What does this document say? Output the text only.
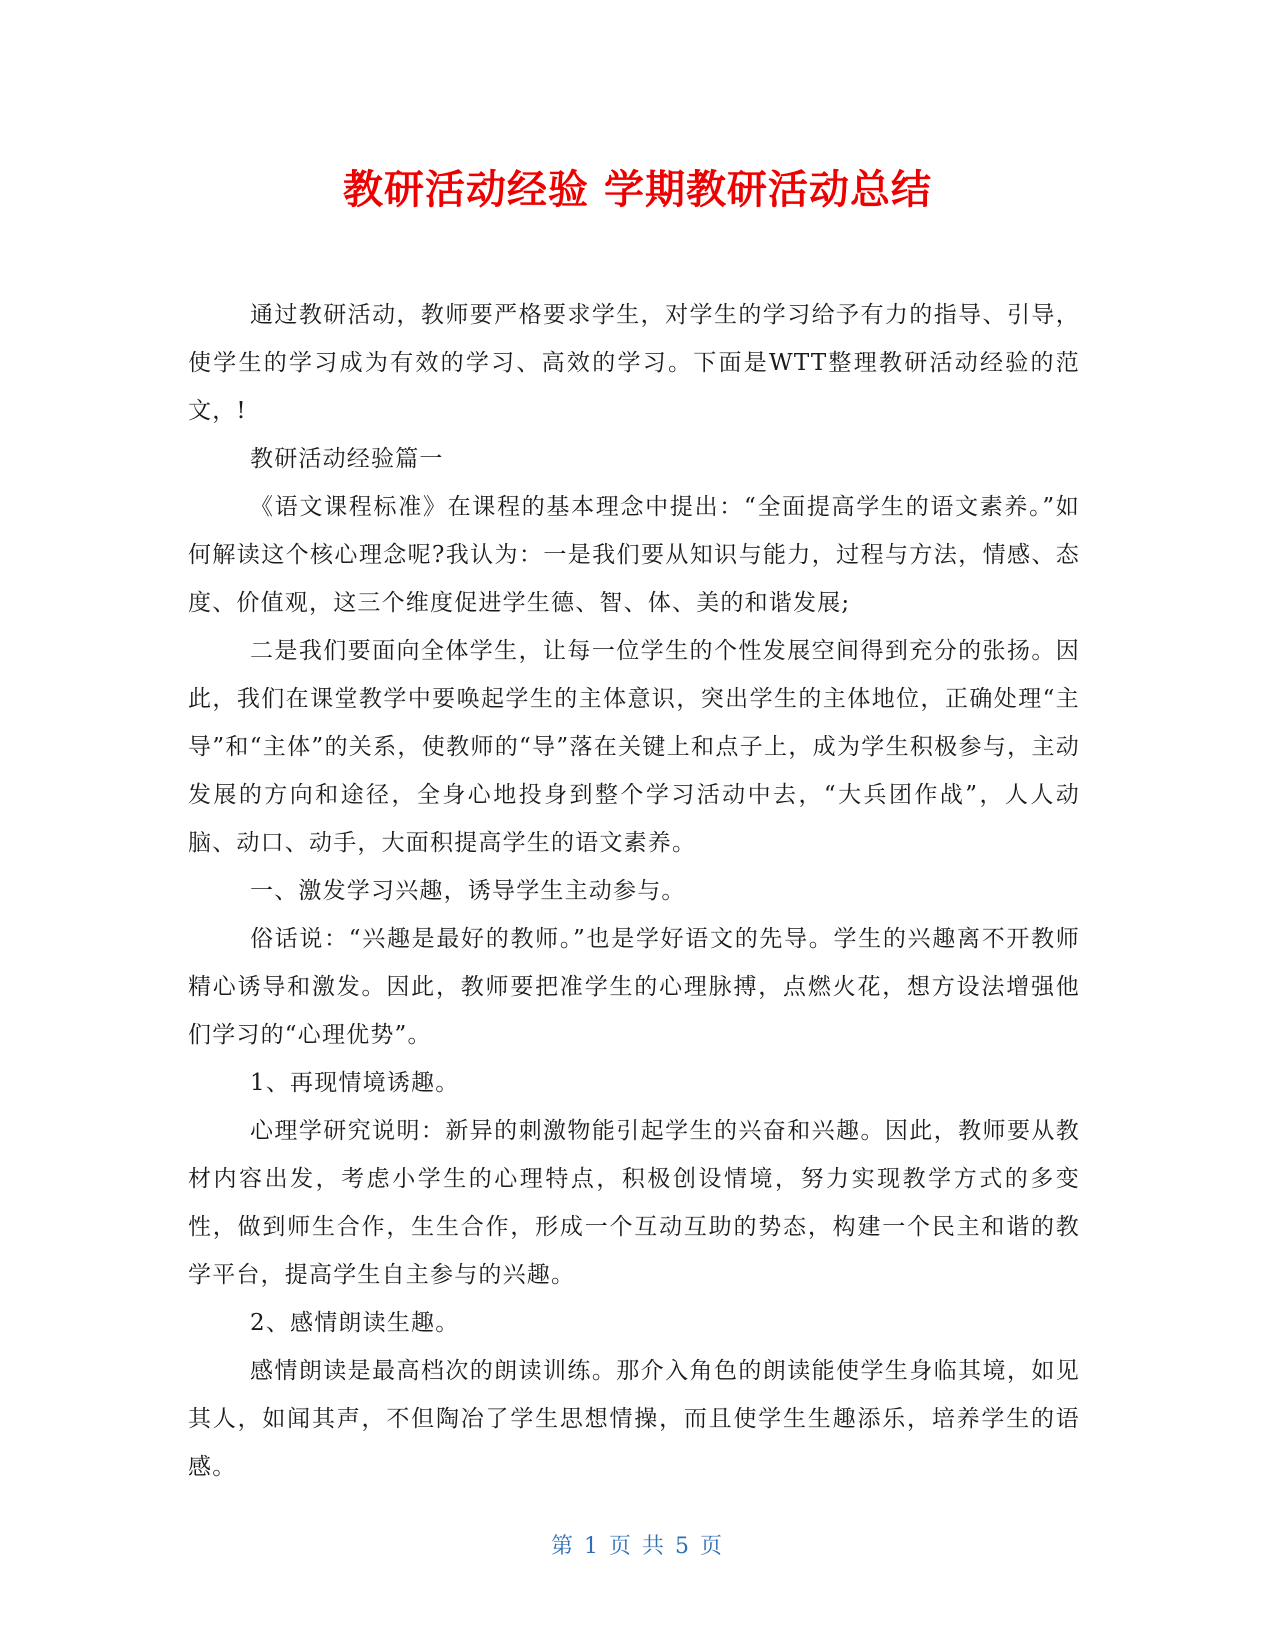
教研活动经验 学期教研活动总结

通过教研活动，教师要严格要求学生，对学生的学习给予有力的指导、引导，使学生的学习成为有效的学习、高效的学习。下面是WTT整理教研活动经验的范文，!

教研活动经验篇一

《语文课程标准》在课程的基本理念中提出：“全面提高学生的语文素养。”如何解读这个核心理念呢?我认为：一是我们要从知识与能力，过程与方法，情感、态度、价值观，这三个维度促进学生德、智、体、美的和谐发展;

二是我们要面向全体学生，让每一位学生的个性发展空间得到充分的张扬。因此，我们在课堂教学中要唤起学生的主体意识，突出学生的主体地位，正确处理“主导”和“主体”的关系，使教师的“导”落在关键上和点子上，成为学生积极参与，主动发展的方向和途径，全身心地投身到整个学习活动中去，“大兵团作战”，人人动脑、动口、动手，大面积提高学生的语文素养。

一、激发学习兴趣，诱导学生主动参与。

俗话说：“兴趣是最好的教师。”也是学好语文的先导。学生的兴趣离不开教师精心诱导和激发。因此，教师要把准学生的心理脉搏，点燃火花，想方设法增强他们学习的“心理优势”。

1、再现情境诱趣。

心理学研究说明：新异的刺激物能引起学生的兴奋和兴趣。因此，教师要从教材内容出发，考虑小学生的心理特点，积极创设情境，努力实现教学方式的多变性，做到师生合作，生生合作，形成一个互动互助的势态，构建一个民主和谐的教学平台，提高学生自主参与的兴趣。

2、感情朗读生趣。

感情朗读是最高档次的朗读训练。那介入角色的朗读能使学生身临其境，如见其人，如闻其声，不但陶冶了学生思想情操，而且使学生生趣添乐，培养学生的语感。

第 1 页 共 5 页
